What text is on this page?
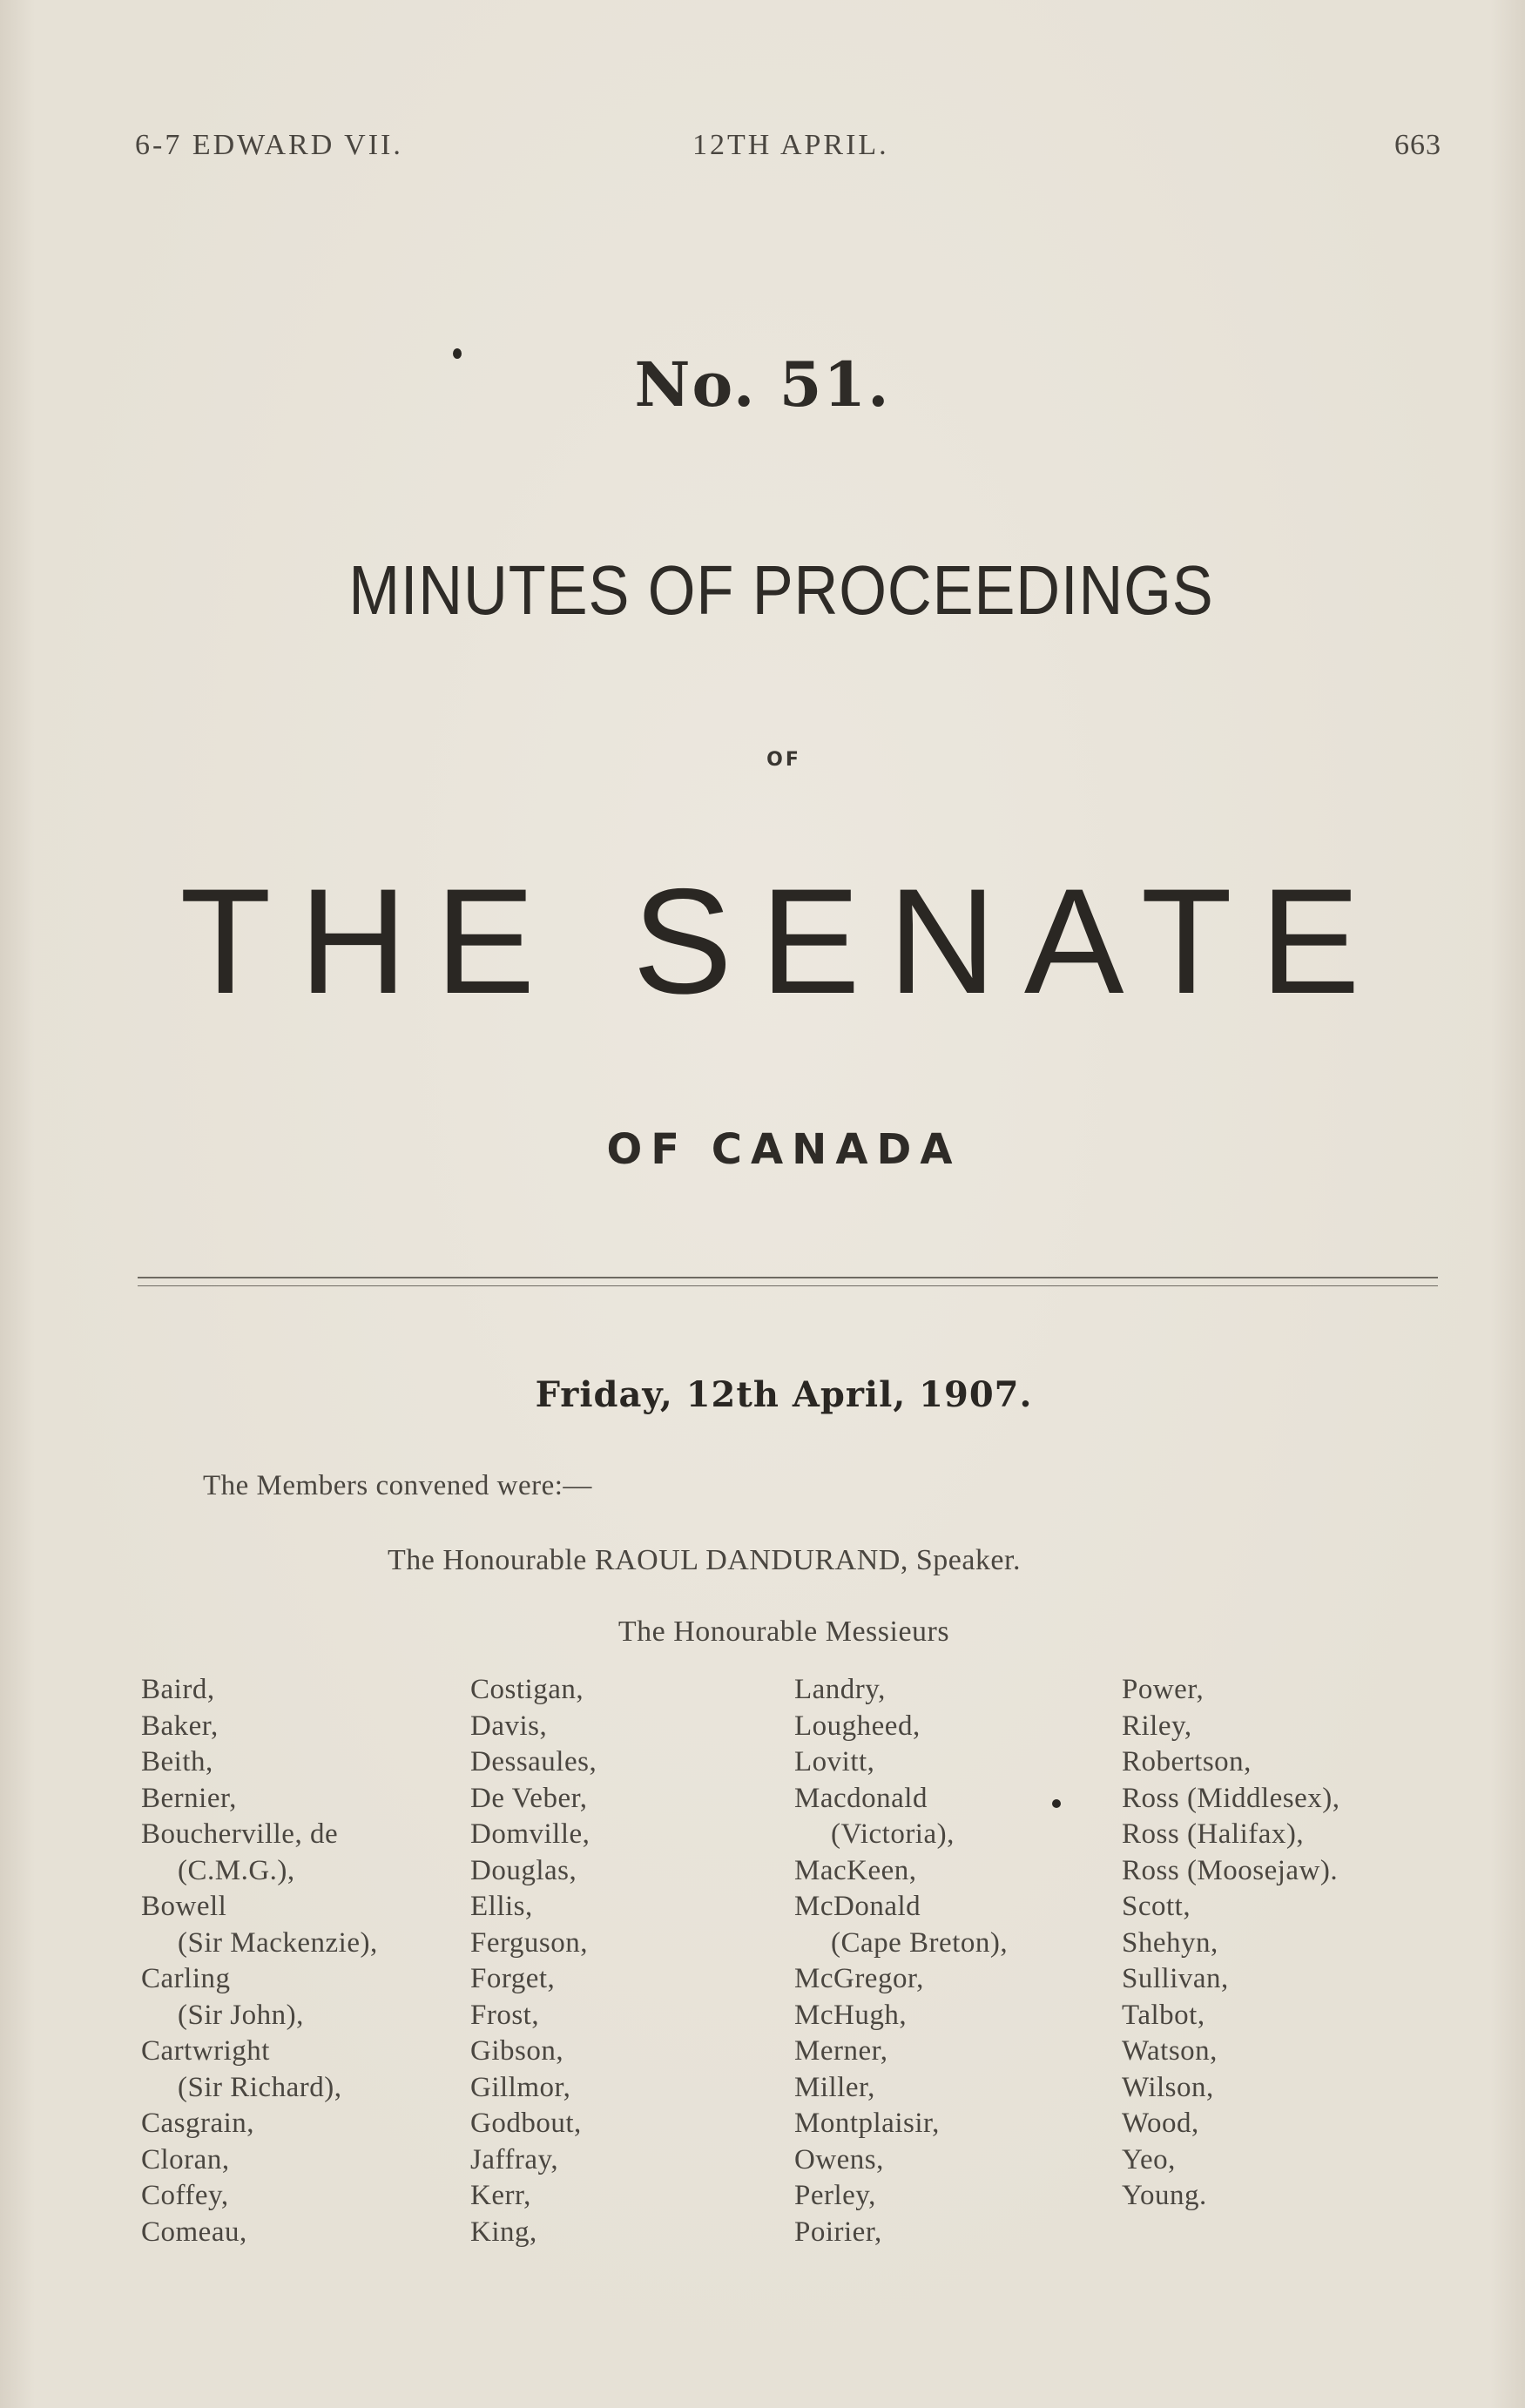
6-7 EDWARD VII.	12TH APRIL.	663
No. 51.
MINUTES OF PROCEEDINGS
OF
THE SENATE
OF CANADA
Friday, 12th April, 1907.
The Members convened were:—
The Honourable RAOUL DANDURAND, Speaker.
The Honourable Messieurs
Baird,
Baker,
Beith,
Bernier,
Boucherville, de
(C.M.G.),
Bowell
(Sir Mackenzie),
Carling
(Sir John),
Cartwright
(Sir Richard),
Casgrain,
Cloran,
Coffey,
Comeau,
Costigan,
Davis,
Dessaules,
De Veber,
Domville,
Douglas,
Ellis,
Ferguson,
Forget,
Frost,
Gibson,
Gillmor,
Godbout,
Jaffray,
Kerr,
King,
Landry,
Lougheed,
Lovitt,
Macdonald
(Victoria),
MacKeen,
McDonald
(Cape Breton),
McGregor,
McHugh,
Merner,
Miller,
Montplaisir,
Owens,
Perley,
Poirier,
Power,
Riley,
Robertson,
Ross (Middlesex),
Ross (Halifax),
Ross (Moosejaw).
Scott,
Shehyn,
Sullivan,
Talbot,
Watson,
Wilson,
Wood,
Yeo,
Young.
